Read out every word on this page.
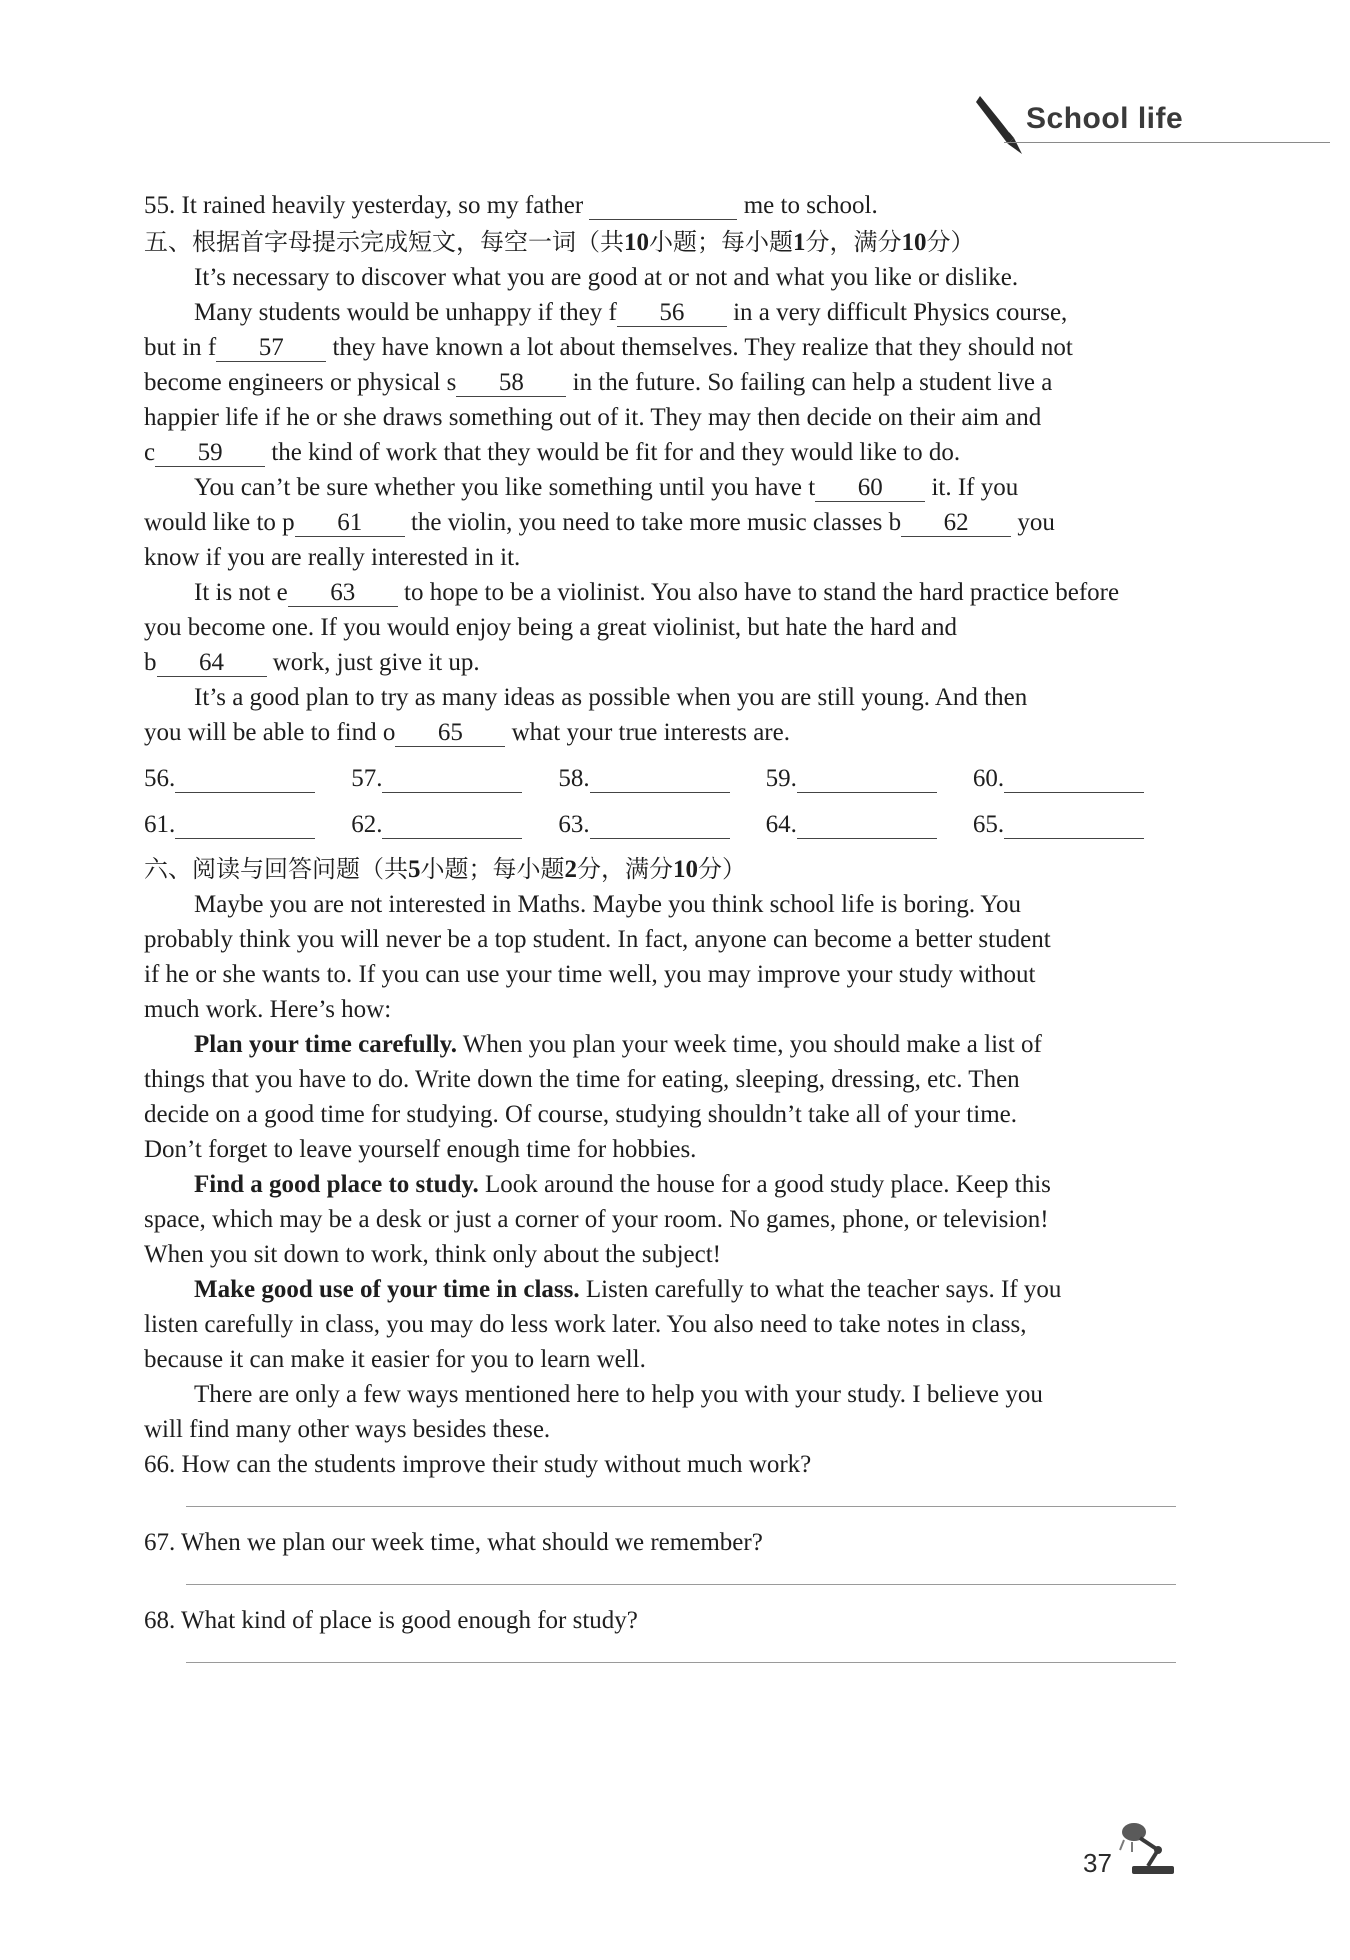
School life
55. It rained heavily yesterday, so my father	me to school.
五、根据首字母提示完成短文，每空一词（共10小题；每小题1分，满分10分）
It’s necessary to discover what you are good at or not and what you like or dislike.
Many students would be unhappy if they f 56 in a very difficult Physics course,
but in f 57 they have known a lot about themselves. They realize that they should not
become engineers or physical s 58 in the future. So failing can help a student live a
happier life if he or she draws something out of it. They may then decide on their aim and
c 59 the kind of work that they would be fit for and they would like to do.
You can’t be sure whether you like something until you have t 60 it. If you
would like to p 61 the violin, you need to take more music classes b 62 you
know if you are really interested in it.
It is not e 63 to hope to be a violinist. You also have to stand the hard practice before
you become one. If you would enjoy being a great violinist, but hate the hard and
b 64 work, just give it up.
It’s a good plan to try as many ideas as possible when you are still young. And then
you will be able to find o 65 what your true interests are.
56.	57.	58.	59.	60.
61.	62.	63.	64.	65.
六、阅读与回答问题（共5小题；每小题2分，满分10分）
Maybe you are not interested in Maths. Maybe you think school life is boring. You
probably think you will never be a top student. In fact, anyone can become a better student
if he or she wants to. If you can use your time well, you may improve your study without
much work. Here’s how:
Plan your time carefully. When you plan your week time, you should make a list of
things that you have to do. Write down the time for eating, sleeping, dressing, etc. Then
decide on a good time for studying. Of course, studying shouldn’t take all of your time.
Don’t forget to leave yourself enough time for hobbies.
Find a good place to study. Look around the house for a good study place. Keep this
space, which may be a desk or just a corner of your room. No games, phone, or television!
When you sit down to work, think only about the subject!
Make good use of your time in class. Listen carefully to what the teacher says. If you
listen carefully in class, you may do less work later. You also need to take notes in class,
because it can make it easier for you to learn well.
There are only a few ways mentioned here to help you with your study. I believe you
will find many other ways besides these.
66. How can the students improve their study without much work?
67. When we plan our week time, what should we remember?
68. What kind of place is good enough for study?
37
